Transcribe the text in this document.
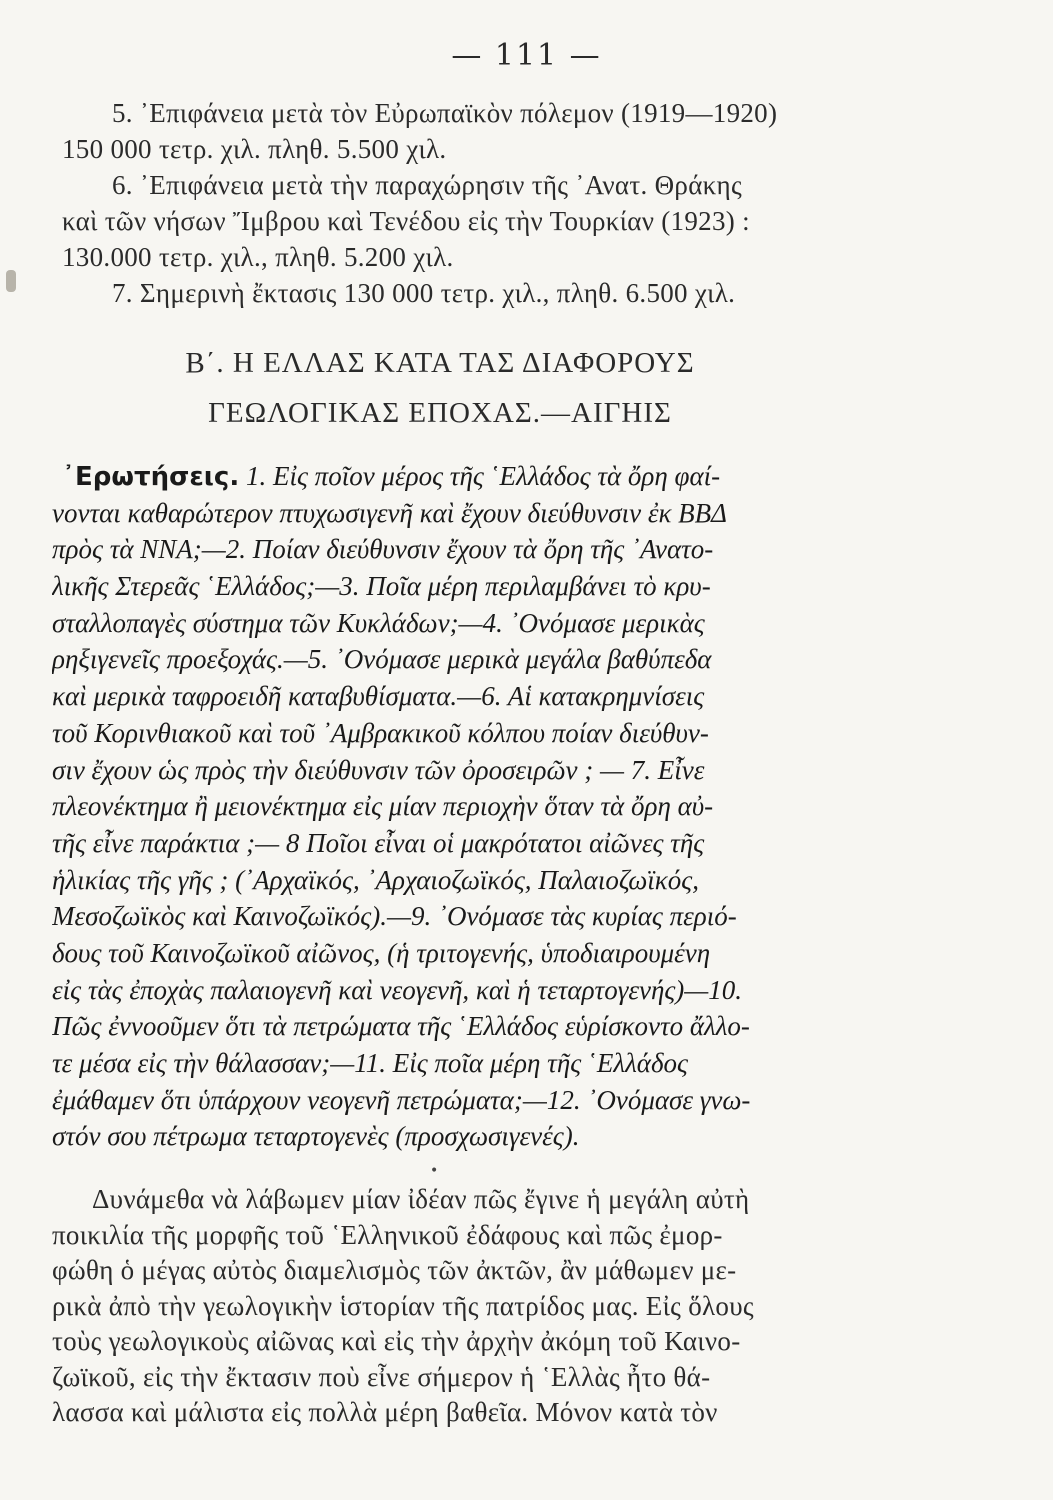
— 111 —
5. ᾿Επιφάνεια μετὰ τὸν Εὐρωπαϊκὸν πόλεμον (1919—1920)
150 000 τετρ. χιλ. πληθ. 5.500 χιλ.
6. ᾿Επιφάνεια μετὰ τὴν παραχώρησιν τῆς ᾿Ανατ. Θράκης
καὶ τῶν νήσων Ἴμβρου καὶ Τενέδου εἰς τὴν Τουρκίαν (1923) :
130.000 τετρ. χιλ., πληθ. 5.200 χιλ.
7. Σημερινὴ ἔκτασις 130 000 τετρ. χιλ., πληθ. 6.500 χιλ.
Β΄. Η ΕΛΛΑΣ ΚΑΤΑ ΤΑΣ ΔΙΑΦΟΡΟΥΣ
ΓΕΩΛΟΓΙΚΑΣ ΕΠΟΧΑΣ.—ΑΙΓΗΙΣ
᾿Ερωτήσεις. 1. Εἰς ποῖον μέρος τῆς ῾Ελλάδος τὰ ὄρη φαί-
νονται καθαρώτερον πτυχωσιγενῆ καὶ ἔχουν διεύθυνσιν ἐκ ΒΒΔ
πρὸς τὰ ΝΝΑ;—2. Ποίαν διεύθυνσιν ἔχουν τὰ ὄρη τῆς ᾿Ανατο-
λικῆς Στερεᾶς ῾Ελλάδος;—3. Ποῖα μέρη περιλαμβάνει τὸ κρυ-
σταλλοπαγὲς σύστημα τῶν Κυκλάδων;—4. ᾿Ονόμασε μερικὰς
ρηξιγενεῖς προεξοχάς.—5. ᾿Ονόμασε μερικὰ μεγάλα βαθύπεδα
καὶ μερικὰ ταφροειδῆ καταβυθίσματα.—6. Αἱ κατακρημνίσεις
τοῦ Κορινθιακοῦ καὶ τοῦ ᾿Αμβρακικοῦ κόλπου ποίαν διεύθυν-
σιν ἔχουν ὡς πρὸς τὴν διεύθυνσιν τῶν ὀροσειρῶν ; — 7. Εἶνε
πλεονέκτημα ἢ μειονέκτημα εἰς μίαν περιοχὴν ὅταν τὰ ὄρη αὐ-
τῆς εἶνε παράκτια ;— 8 Ποῖοι εἶναι οἱ μακρότατοι αἰῶνες τῆς
ἡλικίας τῆς γῆς ; (᾿Αρχαϊκός, ᾿Αρχαιοζωϊκός, Παλαιοζωϊκός,
Μεσοζωϊκὸς καὶ Καινοζωϊκός).—9. ᾿Ονόμασε τὰς κυρίας περιό-
δους τοῦ Καινοζωϊκοῦ αἰῶνος, (ἡ τριτογενής, ὑποδιαιρουμένη
εἰς τὰς ἐποχὰς παλαιογενῆ καὶ νεογενῆ, καὶ ἡ τεταρτογενής)—10.
Πῶς ἐννοοῦμεν ὅτι τὰ πετρώματα τῆς ῾Ελλάδος εὑρίσκοντο ἄλλο-
τε μέσα εἰς τὴν θάλασσαν;—11. Εἰς ποῖα μέρη τῆς ῾Ελλάδος
ἐμάθαμεν ὅτι ὑπάρχουν νεογενῆ πετρώματα;—12. ᾿Ονόμασε γνω-
στόν σου πέτρωμα τεταρτογενὲς (προσχωσιγενές).
•
Δυνάμεθα νὰ λάβωμεν μίαν ἰδέαν πῶς ἔγινε ἡ μεγάλη αὐτὴ
ποικιλία τῆς μορφῆς τοῦ ῾Ελληνικοῦ ἐδάφους καὶ πῶς ἐμορ-
φώθη ὁ μέγας αὐτὸς διαμελισμὸς τῶν ἀκτῶν, ἂν μάθωμεν με-
ρικὰ ἀπὸ τὴν γεωλογικὴν ἱστορίαν τῆς πατρίδος μας. Εἰς ὅλους
τοὺς γεωλογικοὺς αἰῶνας καὶ εἰς τὴν ἀρχὴν ἀκόμη τοῦ Καινο-
ζωϊκοῦ, εἰς τὴν ἔκτασιν ποὺ εἶνε σήμερον ἡ ῾Ελλὰς ἦτο θά-
λασσα καὶ μάλιστα εἰς πολλὰ μέρη βαθεῖα. Μόνον κατὰ τὸν
